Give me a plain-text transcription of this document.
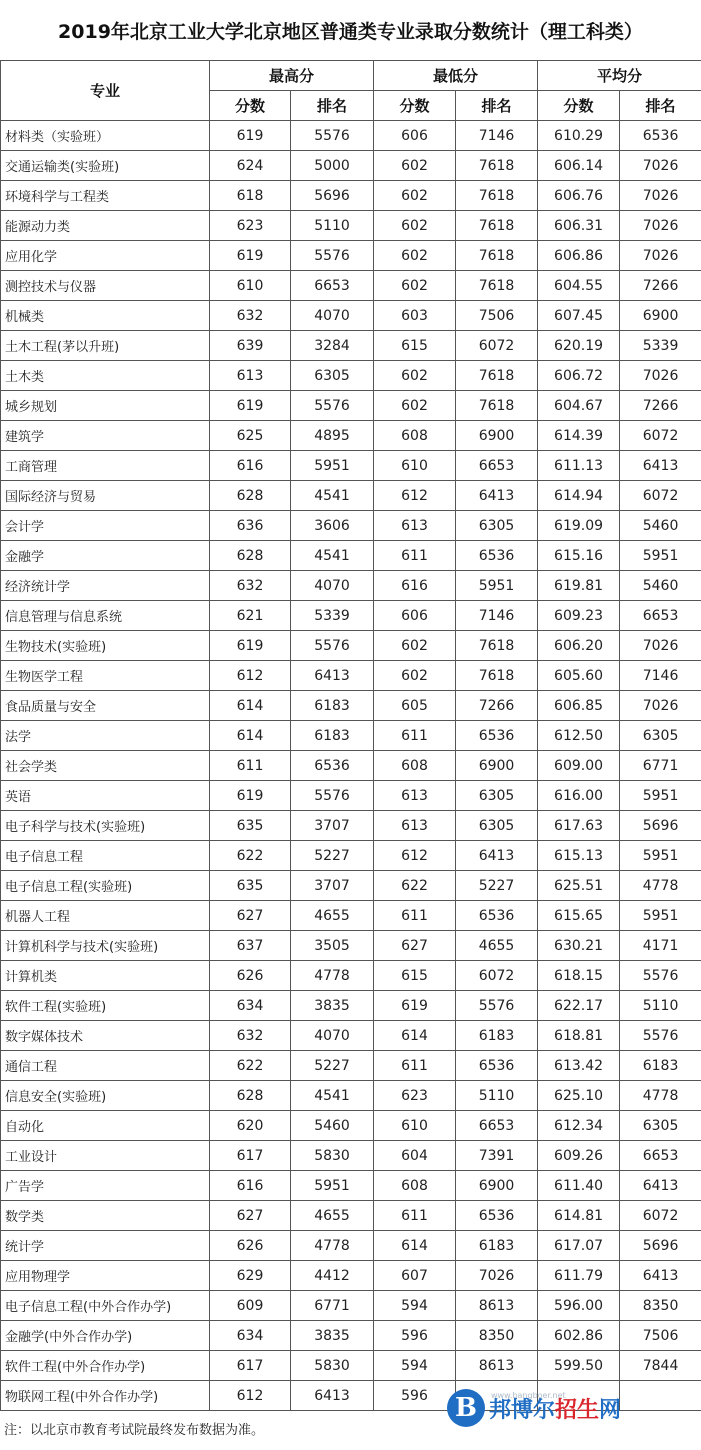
2019年北京工业大学北京地区普通类专业录取分数统计（理工科类）
专业	最高分		最低分		平均分	
	分数	排名	分数	排名	分数	排名
材料类（实验班）	619	5576	606	7146	610.29	6536
交通运输类(实验班)	624	5000	602	7618	606.14	7026
环境科学与工程类	618	5696	602	7618	606.76	7026
能源动力类	623	5110	602	7618	606.31	7026
应用化学	619	5576	602	7618	606.86	7026
测控技术与仪器	610	6653	602	7618	604.55	7266
机械类	632	4070	603	7506	607.45	6900
土木工程(茅以升班)	639	3284	615	6072	620.19	5339
土木类	613	6305	602	7618	606.72	7026
城乡规划	619	5576	602	7618	604.67	7266
建筑学	625	4895	608	6900	614.39	6072
工商管理	616	5951	610	6653	611.13	6413
国际经济与贸易	628	4541	612	6413	614.94	6072
会计学	636	3606	613	6305	619.09	5460
金融学	628	4541	611	6536	615.16	5951
经济统计学	632	4070	616	5951	619.81	5460
信息管理与信息系统	621	5339	606	7146	609.23	6653
生物技术(实验班)	619	5576	602	7618	606.20	7026
生物医学工程	612	6413	602	7618	605.60	7146
食品质量与安全	614	6183	605	7266	606.85	7026
法学	614	6183	611	6536	612.50	6305
社会学类	611	6536	608	6900	609.00	6771
英语	619	5576	613	6305	616.00	5951
电子科学与技术(实验班)	635	3707	613	6305	617.63	5696
电子信息工程	622	5227	612	6413	615.13	5951
电子信息工程(实验班)	635	3707	622	5227	625.51	4778
机器人工程	627	4655	611	6536	615.65	5951
计算机科学与技术(实验班)	637	3505	627	4655	630.21	4171
计算机类	626	4778	615	6072	618.15	5576
软件工程(实验班)	634	3835	619	5576	622.17	5110
数字媒体技术	632	4070	614	6183	618.81	5576
通信工程	622	5227	611	6536	613.42	6183
信息安全(实验班)	628	4541	623	5110	625.10	4778
自动化	620	5460	610	6653	612.34	6305
工业设计	617	5830	604	7391	609.26	6653
广告学	616	5951	608	6900	611.40	6413
数学类	627	4655	611	6536	614.81	6072
统计学	626	4778	614	6183	617.07	5696
应用物理学	629	4412	607	7026	611.79	6413
电子信息工程(中外合作办学)	609	6771	594	8613	596.00	8350
金融学(中外合作办学)	634	3835	596	8350	602.86	7506
软件工程(中外合作办学)	617	5830	594	8613	599.50	7844
物联网工程(中外合作办学)	612	6413	596			
注：以北京市教育考试院最终发布数据为准。
B 邦博尔招生网
www.bangboer.net
